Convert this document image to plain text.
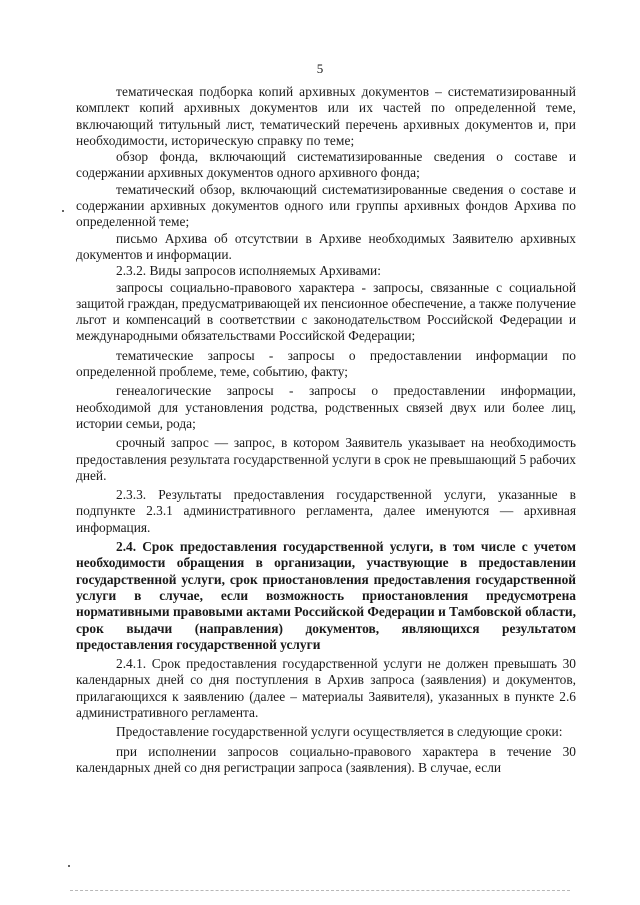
5

тематическая подборка копий архивных документов – систематизированный комплект копий архивных документов или их частей по определенной теме, включающий титульный лист, тематический перечень архивных документов и, при необходимости, историческую справку по теме;

обзор фонда, включающий систематизированные сведения о составе и содержании архивных документов одного архивного фонда;

тематический обзор, включающий систематизированные сведения о составе и содержании архивных документов одного или группы архивных фондов Архива по определенной теме;

письмо Архива об отсутствии в Архиве необходимых Заявителю архивных документов и информации.

2.3.2. Виды запросов исполняемых Архивами:

запросы социально-правового характера - запросы, связанные с социальной защитой граждан, предусматривающей их пенсионное обеспечение, а также получение льгот и компенсаций в соответствии с законодательством Российской Федерации и международными обязательствами Российской Федерации;

тематические запросы - запросы о предоставлении информации по определенной проблеме, теме, событию, факту;

генеалогические запросы - запросы о предоставлении информации, необходимой для установления родства, родственных связей двух или более лиц, истории семьи, рода;

срочный запрос — запрос, в котором Заявитель указывает на необходимость предоставления результата государственной услуги в срок не превышающий 5 рабочих дней.

2.3.3. Результаты предоставления государственной услуги, указанные в подпункте 2.3.1 административного регламента, далее именуются — архивная информация.

2.4. Срок предоставления государственной услуги, в том числе с учетом необходимости обращения в организации, участвующие в предоставлении государственной услуги, срок приостановления предоставления государственной услуги в случае, если возможность приостановления предусмотрена нормативными правовыми актами Российской Федерации и Тамбовской области, срок выдачи (направления) документов, являющихся результатом предоставления государственной услуги

2.4.1. Срок предоставления государственной услуги не должен превышать 30 календарных дней со дня поступления в Архив запроса (заявления) и документов, прилагающихся к заявлению (далее – материалы Заявителя), указанных в пункте 2.6 административного регламента.

Предоставление государственной услуги осуществляется в следующие сроки:

при исполнении запросов социально-правового характера в течение 30 календарных дней со дня регистрации запроса (заявления). В случае, если
